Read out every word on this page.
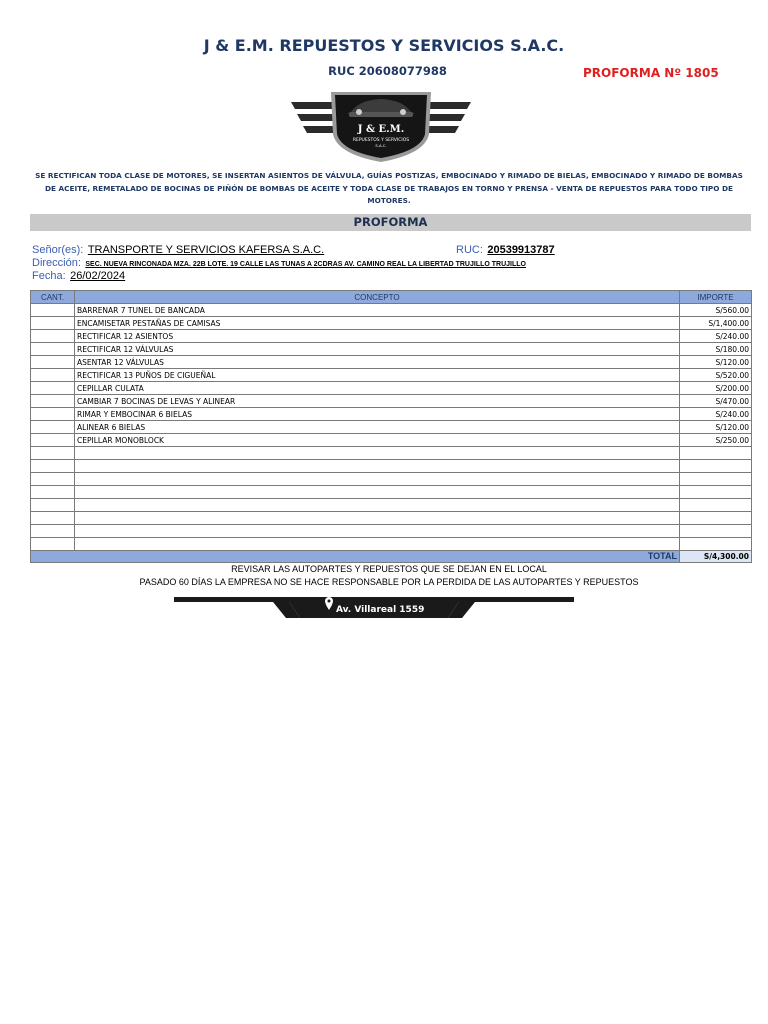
J & E.M. REPUESTOS Y SERVICIOS S.A.C.
RUC 20608077988	PROFORMA Nº 1805
J & E.M.
REPUESTOS Y SERVICIOS
S.A.C.
SE RECTIFICAN TODA CLASE DE MOTORES, SE INSERTAN ASIENTOS DE VÁLVULA, GUÍAS POSTIZAS, EMBOCINADO Y RIMADO DE BIELAS, EMBOCINADO Y RIMADO DE BOMBAS DE ACEITE, REMETALADO DE BOCINAS DE PIÑÓN DE BOMBAS DE ACEITE Y TODA CLASE DE TRABAJOS EN TORNO Y PRENSA - VENTA DE REPUESTOS PARA TODO TIPO DE MOTORES.
PROFORMA
Señor(es): TRANSPORTE Y SERVICIOS KAFERSA S.A.C.	RUC: 20539913787
Dirección: SEC. NUEVA RINCONADA MZA. 22B LOTE. 19 CALLE LAS TUNAS A 2CDRAS AV. CAMINO REAL LA LIBERTAD TRUJILLO TRUJILLO
Fecha: 26/02/2024
CANT.	CONCEPTO	IMPORTE
	BARRENAR 7 TUNEL DE BANCADA	S/560.00
	ENCAMISETAR PESTAÑAS DE CAMISAS	S/1,400.00
	RECTIFICAR 12 ASIENTOS	S/240.00
	RECTIFICAR 12 VÁLVULAS	S/180.00
	ASENTAR 12 VÁLVULAS	S/120.00
	RECTIFICAR 13 PUÑOS DE CIGUEÑAL	S/520.00
	CEPILLAR CULATA	S/200.00
	CAMBIAR 7 BOCINAS DE LEVAS Y ALINEAR	S/470.00
	RIMAR Y EMBOCINAR 6 BIELAS	S/240.00
	ALINEAR 6 BIELAS	S/120.00
	CEPILLAR MONOBLOCK	S/250.00

TOTAL		S/4,300.00
REVISAR LAS AUTOPARTES Y REPUESTOS QUE SE DEJAN EN EL LOCAL
PASADO 60 DÍAS LA EMPRESA NO SE HACE RESPONSABLE POR LA PERDIDA DE LAS AUTOPARTES Y REPUESTOS
Av. Villareal 1559
